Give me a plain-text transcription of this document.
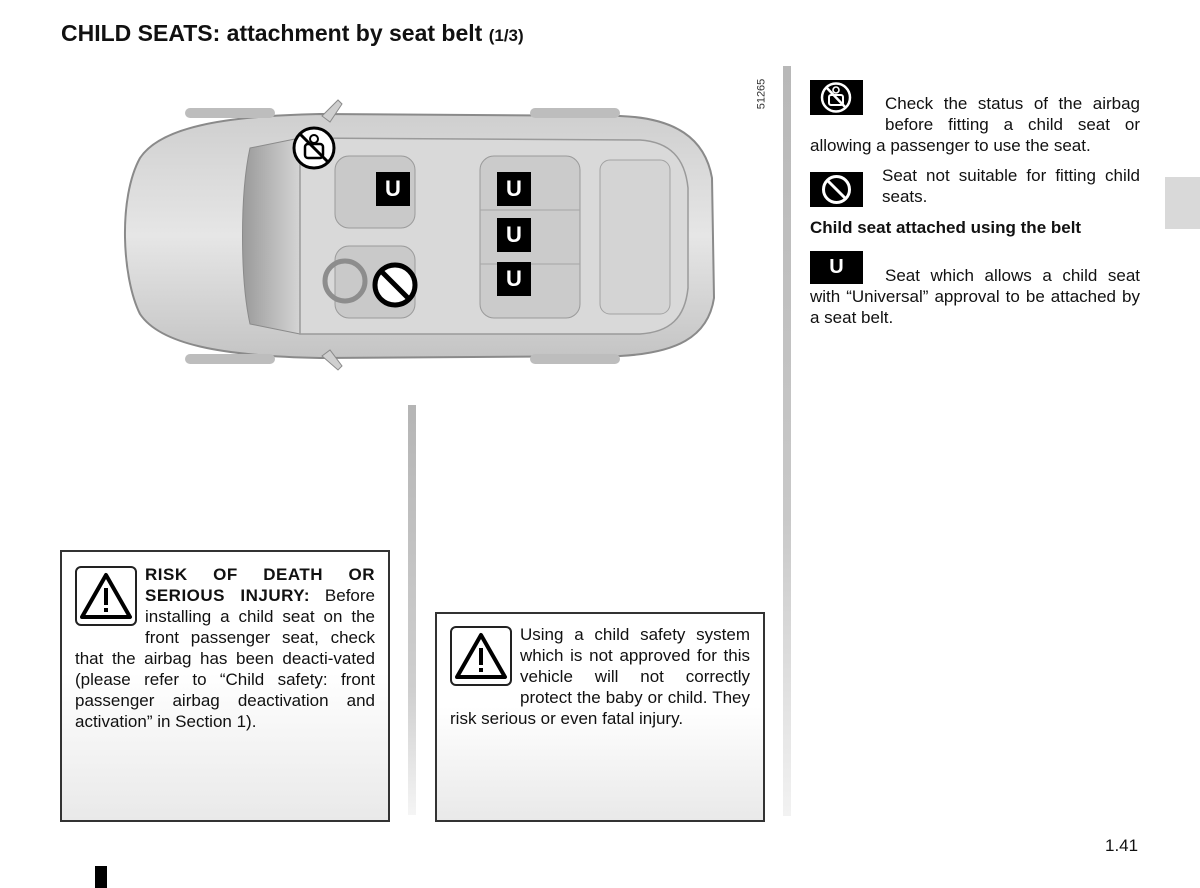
CHILD SEATS: attachment by seat belt (1/3)
51265
U	U
U
U

Check the status of the airbag before fitting a child seat or allowing a passenger to use the seat.

Seat not suitable for fitting child seats.

Child seat attached using the belt

U	Seat which allows a child seat with “Universal” approval to be attached by a seat belt.

RISK OF DEATH OR SERIOUS INJURY: Before installing a child seat on the front passenger seat, check that the airbag has been deacti-vated (please refer to “Child safety: front passenger airbag deactivation and activation” in Section 1).

Using a child safety system which is not approved for this vehicle will not correctly protect the baby or child. They risk serious or even fatal injury.

1.41
